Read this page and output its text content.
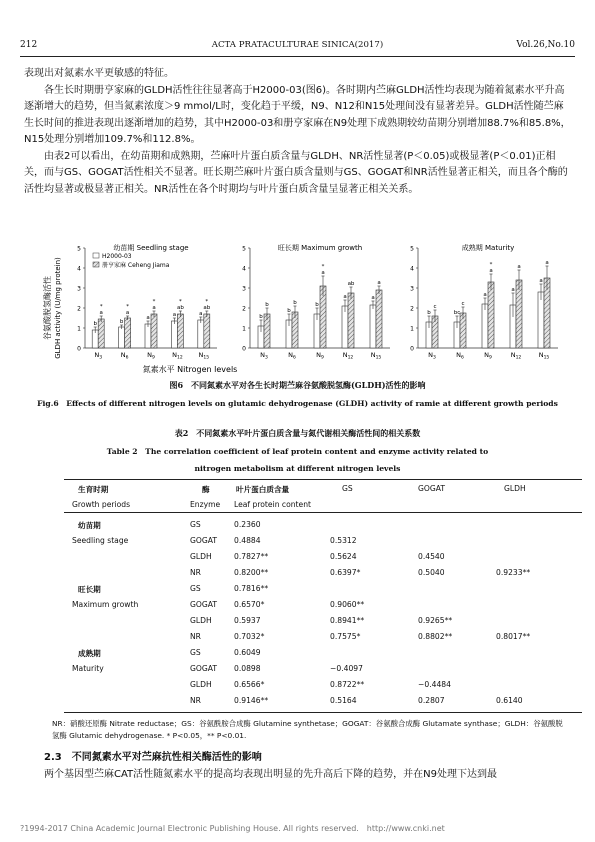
212	ACTA PRATACULTURAE SINICA(2017)	Vol.26,No.10

表现出对氮素水平更敏感的特征。

各生长时期册亨家麻的GLDH活性往往显著高于H2000-03(图6)。各时期内苎麻GLDH活性均表现为随着氮素水平升高逐渐增大的趋势，但当氮素浓度＞9 mmol/L时，变化趋于平缓，N9、N12和N15处理间没有显著差异。GLDH活性随苎麻生长时间的推进表现出逐渐增加的趋势，其中H2000-03和册亨家麻在N9处理下成熟期较幼苗期分别增加88.7%和85.8%，N15处理分别增加109.7%和112.8%。

由表2可以看出，在幼苗期和成熟期，苎麻叶片蛋白质含量与GLDH、NR活性显著(P＜0.05)或极显著(P＜0.01)正相关，而与GS、GOGAT活性相关不显著。旺长期苎麻叶片蛋白质含量则与GS、GOGAT和NR活性显著正相关，而且各个酶的活性均显著或极显著正相关。NR活性在各个时期均与叶片蛋白质含量呈显著正相关关系。

谷氨酸脱氢酶活性 GLDH activity (U/mg protein)
氮素水平 Nitrogen levels
0
1
2
3
4
5	幼苗期 Seedling stage
b
*
a
$N_3$
b
*
a
$N_6$
a
*
a
$N_9$
a
*
ab
$N_{12}$
a
*
ab
$N_{15}$
H2000-03
册亨家麻 Ceheng Jiama
0
1
2
3
4
5	旺长期 Maximum growth
b
b
$N_3$
b
b
$N_6$
b
*
a
$N_9$
a
ab
$N_{12}$
a
a
$N_{15}$
0
1
2
3
4
5	成熟期 Maturity
b
c
$N_3$
bc
c
$N_6$
a
*
a
$N_9$
a
a
$N_{12}$
a
a
$N_{15}$
图6　不同氮素水平对各生长时期苎麻谷氨酸脱氢酶(GLDH)活性的影响
Fig.6　Effects of different nitrogen levels on glutamic dehydrogenase (GLDH) activity of ramie at different growth periods
表2　不同氮素水平叶片蛋白质含量与氮代谢相关酶活性间的相关系数
Table 2　The correlation coefficient of leaf protein content and enzyme activity related to
nitrogen metabolism at different nitrogen levels
生育时期	酶	叶片蛋白质含量	GS	GOGAT	GLDH
Growth periods	Enzyme Leaf protein content
幼苗期	GS	0.2360
Seedling stage	GOGAT 0.4884	0.5312
GLDH	0.7827**	0.5624	0.4540
NR	0.8200**	0.6397*	0.5040	0.9233**
旺长期	GS	0.7816**
Maximum growth	GOGAT 0.6570*	0.9060**
GLDH	0.5937	0.8941**	0.9265**
NR	0.7032*	0.7575*	0.8802**	0.8017**
成熟期	GS	0.6049
Maturity	GOGAT 0.0898	−0.4097
GLDH	0.6566*	0.8722**	−0.4484
NR	0.9146**	0.5164	0.2807	0.6140
NR：硝酸还原酶 Nitrate reductase；GS：谷氨酰胺合成酶 Glutamine synthetase；GOGAT：谷氨酸合成酶 Glutamate synthase；GLDH：谷氨酸脱
氢酶 Glutamic dehydrogenase. * P<0.05，** P<0.01.
2.3　 不同氮素水平对苎麻抗性相关酶活性的影响
两个基因型苎麻CAT活性随氮素水平的提高均表现出明显的先升高后下降的趋势，并在N9处理下达到最
?1994-2017 China Academic Journal Electronic Publishing House. All rights reserved.　http://www.cnki.net
